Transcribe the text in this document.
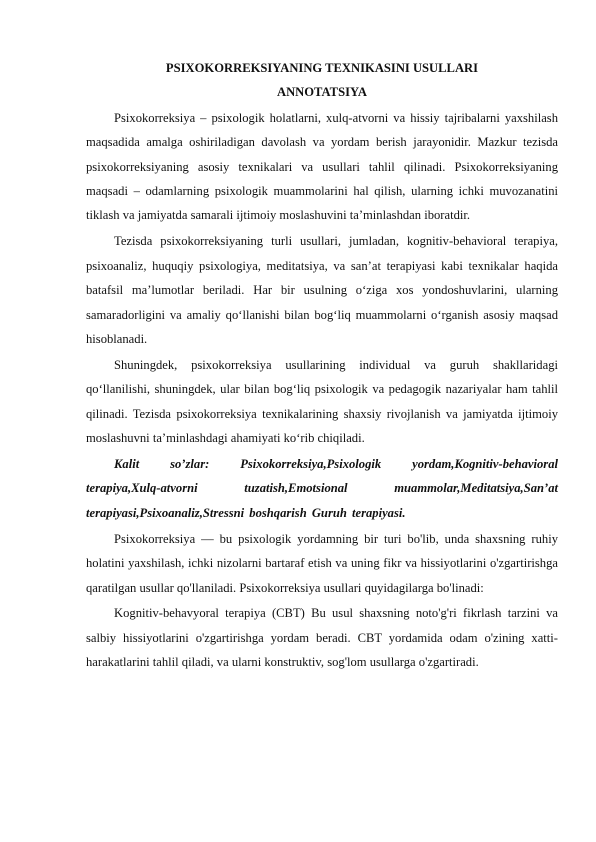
PSIXOKORREKSIYANING TEXNIKASINI USULLARI
ANNOTATSIYA

Psixokorreksiya – psixologik holatlarni, xulq-atvorni va hissiy tajribalarni yaxshilash maqsadida amalga oshiriladigan davolash va yordam berish jarayonidir. Mazkur tezisda psixokorreksiyaning asosiy texnikalari va usullari tahlil qilinadi. Psixokorreksiyaning maqsadi – odamlarning psixologik muammolarini hal qilish, ularning ichki muvozanatini tiklash va jamiyatda samarali ijtimoiy moslashuvini ta’minlashdan iboratdir.

Tezisda psixokorreksiyaning turli usullari, jumladan, kognitiv-behavioral terapiya, psixoanaliz, huquqiy psixologiya, meditatsiya, va san’at terapiyasi kabi texnikalar haqida batafsil ma’lumotlar beriladi. Har bir usulning o‘ziga xos yondoshuvlarini, ularning samaradorligini va amaliy qo‘llanishi bilan bog‘liq muammolarni o‘rganish asosiy maqsad hisoblanadi.

Shuningdek, psixokorreksiya usullarining individual va guruh shakllaridagi qo‘llanilishi, shuningdek, ular bilan bog‘liq psixologik va pedagogik nazariyalar ham tahlil qilinadi. Tezisda psixokorreksiya texnikalarining shaxsiy rivojlanish va jamiyatda ijtimoiy moslashuvni ta’minlashdagi ahamiyati ko‘rib chiqiladi.

Kalit so’zlar: Psixokorreksiya,Psixologik yordam,Kognitiv-behavioral terapiya,Xulq-atvorni tuzatish,Emotsional muammolar,Meditatsiya,San’at terapiyasi,Psixoanaliz,Stressni boshqarish Guruh terapiyasi.

Psixokorreksiya — bu psixologik yordamning bir turi bo'lib, unda shaxsning ruhiy holatini yaxshilash, ichki nizolarni bartaraf etish va uning fikr va hissiyotlarini o'zgartirishga qaratilgan usullar qo'llaniladi. Psixokorreksiya usullari quyidagilarga bo'linadi:

Kognitiv-behavyoral terapiya (CBT) Bu usul shaxsning noto'g'ri fikrlash tarzini va salbiy hissiyotlarini o'zgartirishga yordam beradi. CBT yordamida odam o'zining xatti-harakatlarini tahlil qiladi, va ularni konstruktiv, sog'lom usullarga o'zgartiradi.
